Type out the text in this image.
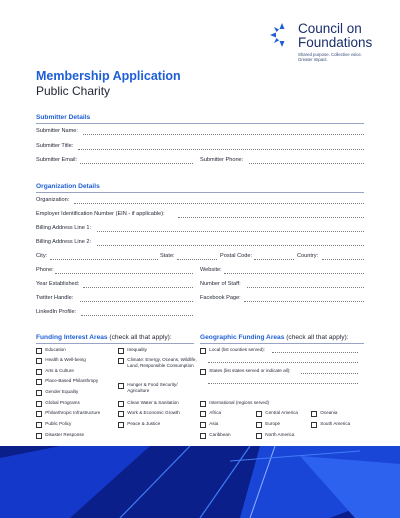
Council on
Foundations
Shared purpose. Collective voice.
Greater impact.
Membership Application
Public Charity
Submitter Details
Submitter Name:
Submitter Title:
Submitter Email:	Submitter Phone:
Organization Details
Organization:
Employer Identification Number (EIN - if applicable):
Billing Address Line 1:
Billing Address Line 2:
City:	State:	Postal Code:	Country:
Phone:	Website:
Year Established:	Number of Staff:
Twitter Handle:	Facebook Page:
LinkedIn Profile:
Funding Interest Areas (check all that apply):
Education
Health & Well-being
Arts & Culture
Place-Based Philanthropy
Gender Equality
Global Programs
Philanthropic Infrastructure
Public Policy
Disaster Response
Inequality
Climate: Energy, Oceans, Wildlife, Land, Responsible Consumption
Hunger & Food Security/ Agriculture
Clean Water & Sanitation
Work & Economic Growth
Peace & Justice
Geographic Funding Areas (check all that apply):
Local (list counties served):
States (list states served or indicate all):
International (regions served)
Africa	Central America	Oceania
Asia	Europe	South America
Caribbean	North America
